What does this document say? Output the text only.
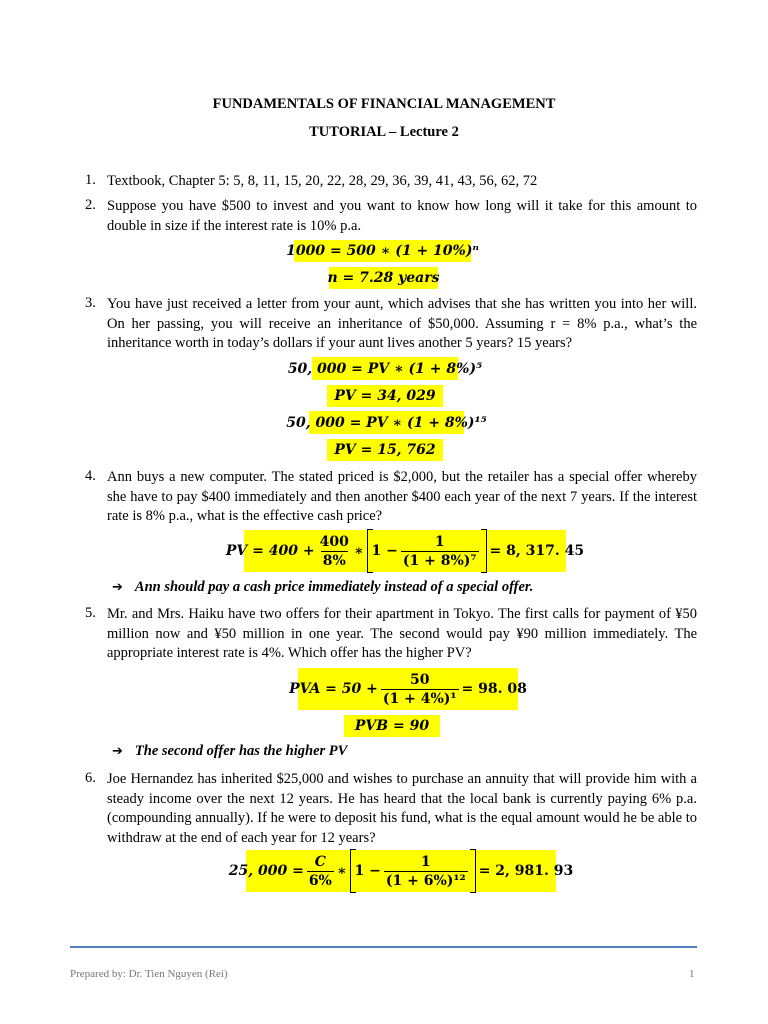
FUNDAMENTALS OF FINANCIAL MANAGEMENT
TUTORIAL – Lecture 2
1. Textbook, Chapter 5: 5, 8, 11, 15, 20, 22, 28, 29, 36, 39, 41, 43, 56, 62, 72
2. Suppose you have $500 to invest and you want to know how long will it take for this amount to double in size if the interest rate is 10% p.a.
1000 = 500 ∗ (1 + 10%)ⁿ
n = 7.28 years
3. You have just received a letter from your aunt, which advises that she has written you into her will. On her passing, you will receive an inheritance of $50,000. Assuming r = 8% p.a., what’s the inheritance worth in today’s dollars if your aunt lives another 5 years? 15 years?
50, 000 = PV ∗ (1 + 8%)⁵
PV = 34, 029
50, 000 = PV ∗ (1 + 8%)¹⁵
PV = 15, 762
4. Ann buys a new computer. The stated priced is $2,000, but the retailer has a special offer whereby she have to pay $400 immediately and then another $400 each year of the next 7 years. If the interest rate is 8% p.a., what is the effective cash price?
PV = $400 + \frac{400}{8\%}$ ∗ $1 - \frac{1}{\text{(1 + 8\%)⁷}} = 8$, 317. 45
➔ Ann should pay a cash price immediately instead of a special offer.
5. Mr. and Mrs. Haiku have two offers for their apartment in Tokyo. The first calls for payment of ¥50 million now and ¥50 million in one year. The second would pay ¥90 million immediately. The appropriate interest rate is 4%. Which offer has the higher PV?
PVA = $50 + \frac{50}{\text{(1 + 4\%)¹}} = 98$. 08
PVB = 90
➔ The second offer has the higher PV
6. Joe Hernandez has inherited $25,000 and wishes to purchase an annuity that will provide him with a steady income over the next 12 years. He has heard that the local bank is currently paying 6% p.a. (compounding annually). If he were to deposit his fund, what is the equal amount would he be able to withdraw at the end of each year for 12 years?
25, $000 = \frac{C}{6\%}$ ∗ $1 - \frac{1}{\text{(1 + 6\%)¹²}} = 2$, 981. 93
Prepared by: Dr. Tien Nguyen (Rei)	1
